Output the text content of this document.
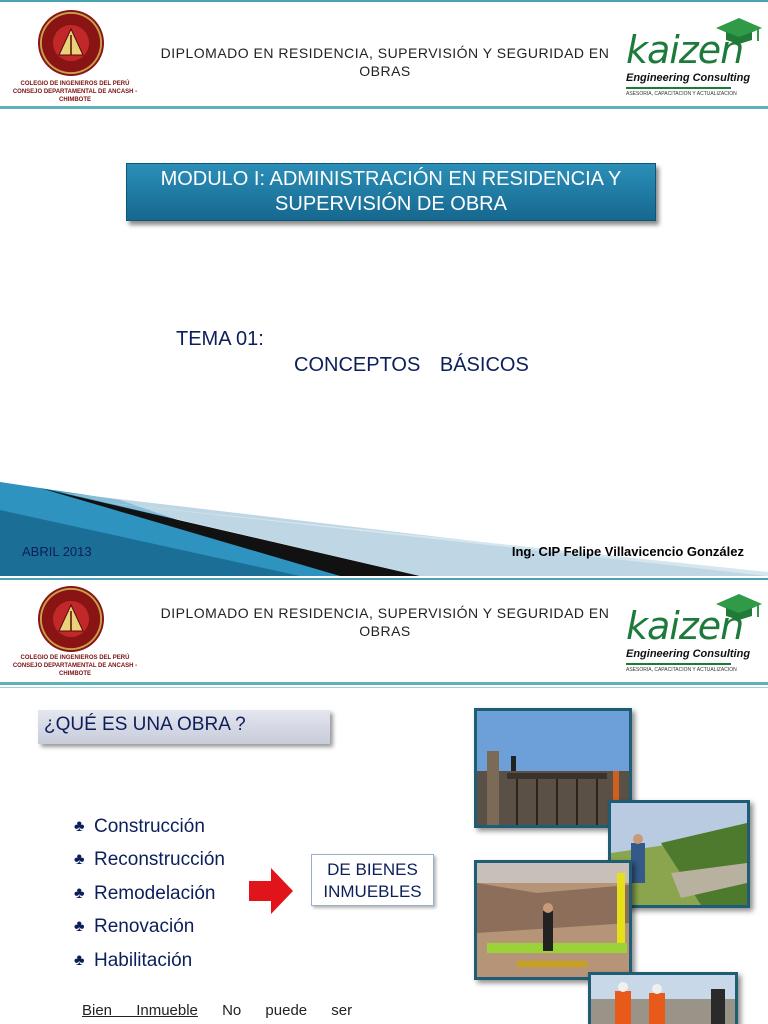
COLEGIO DE INGENIEROS DEL PERÚ
CONSEJO DEPARTAMENTAL DE ANCASH -
CHIMBOTE
DIPLOMADO EN RESIDENCIA, SUPERVISIÓN Y SEGURIDAD EN OBRAS	kaizen
Engineering Consulting
ASESORIA, CAPACITACION Y ACTUALIZACION
MODULO I: ADMINISTRACIÓN EN RESIDENCIA Y
SUPERVISIÓN DE OBRA
TEMA 01:
CONCEPTOS BÁSICOS
ABRIL 2013	Ing. CIP Felipe Villavicencio González
COLEGIO DE INGENIEROS DEL PERÚ
CONSEJO DEPARTAMENTAL DE ANCASH -
CHIMBOTE
DIPLOMADO EN RESIDENCIA, SUPERVISIÓN Y SEGURIDAD EN OBRAS	kaizen
Engineering Consulting
ASESORIA, CAPACITACION Y ACTUALIZACION
¿QUÉ ES UNA OBRA ?
♣ Construcción
♣ Reconstrucción
♣ Remodelación
♣ Renovación
♣ Habilitación
DE BIENES
INMUEBLES
Bien Inmueble No puede ser
